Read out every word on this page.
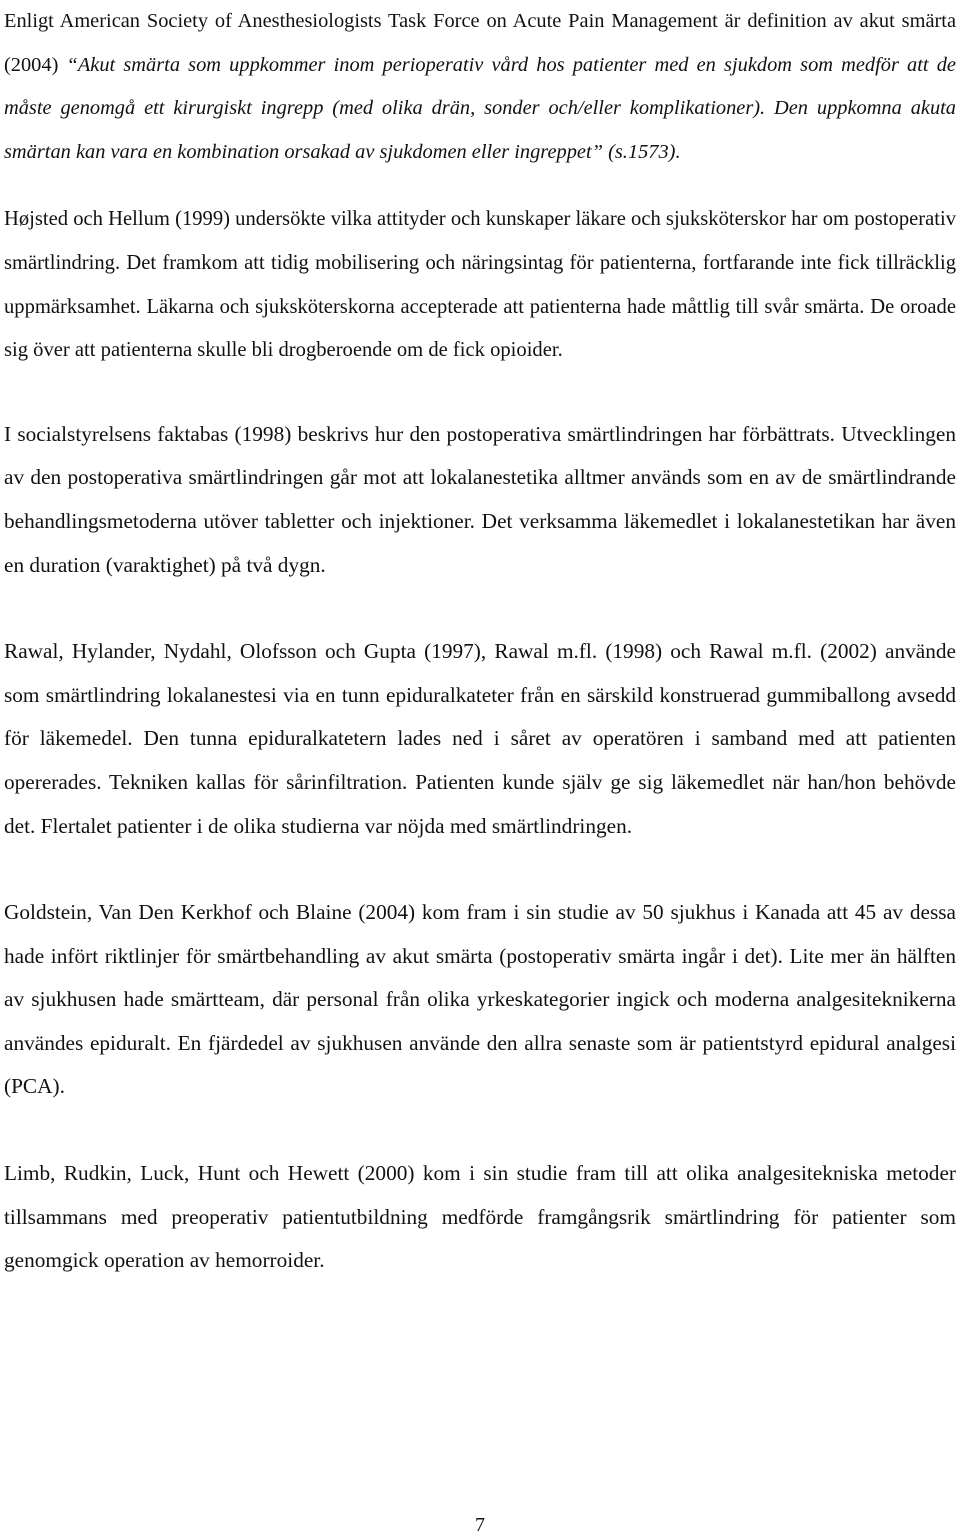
Enligt American Society of Anesthesiologists Task Force on Acute Pain Management är definition av akut smärta (2004) “Akut smärta som uppkommer inom perioperativ vård hos patienter med en sjukdom som medför att de måste genomgå ett kirurgiskt ingrepp (med olika drän, sonder och/eller komplikationer). Den uppkomna akuta smärtan kan vara en kombination orsakad av sjukdomen eller ingreppet” (s.1573).

Højsted och Hellum (1999) undersökte vilka attityder och kunskaper läkare och sjuksköterskor har om postoperativ smärtlindring. Det framkom att tidig mobilisering och näringsintag för patienterna, fortfarande inte fick tillräcklig uppmärksamhet. Läkarna och sjuksköterskorna accepterade att patienterna hade måttlig till svår smärta. De oroade sig över att patienterna skulle bli drogberoende om de fick opioider.

I socialstyrelsens faktabas (1998) beskrivs hur den postoperativa smärtlindringen har förbättrats. Utvecklingen av den postoperativa smärtlindringen går mot att lokalanestetika alltmer används som en av de smärtlindrande behandlingsmetoderna utöver tabletter och injektioner. Det verksamma läkemedlet i lokalanestetikan har även en duration (varaktighet) på två dygn.

Rawal, Hylander, Nydahl, Olofsson och Gupta (1997), Rawal m.fl. (1998) och Rawal m.fl. (2002) använde som smärtlindring lokalanestesi via en tunn epiduralkateter från en särskild konstruerad gummiballong avsedd för läkemedel. Den tunna epiduralkatetern lades ned i såret av operatören i samband med att patienten opererades. Tekniken kallas för sårinfiltration. Patienten kunde själv ge sig läkemedlet när han/hon behövde det. Flertalet patienter i de olika studierna var nöjda med smärtlindringen.

Goldstein, Van Den Kerkhof och Blaine (2004) kom fram i sin studie av 50 sjukhus i Kanada att 45 av dessa hade infört riktlinjer för smärtbehandling av akut smärta (postoperativ smärta ingår i det). Lite mer än hälften av sjukhusen hade smärtteam, där personal från olika yrkeskategorier ingick och moderna analgesiteknikerna användes epiduralt. En fjärdedel av sjukhusen använde den allra senaste som är patientstyrd epidural analgesi (PCA).

Limb, Rudkin, Luck, Hunt och Hewett (2000) kom i sin studie fram till att olika analgesitekniska metoder tillsammans med preoperativ patientutbildning medförde framgångsrik smärtlindring för patienter som genomgick operation av hemorroider.

7
